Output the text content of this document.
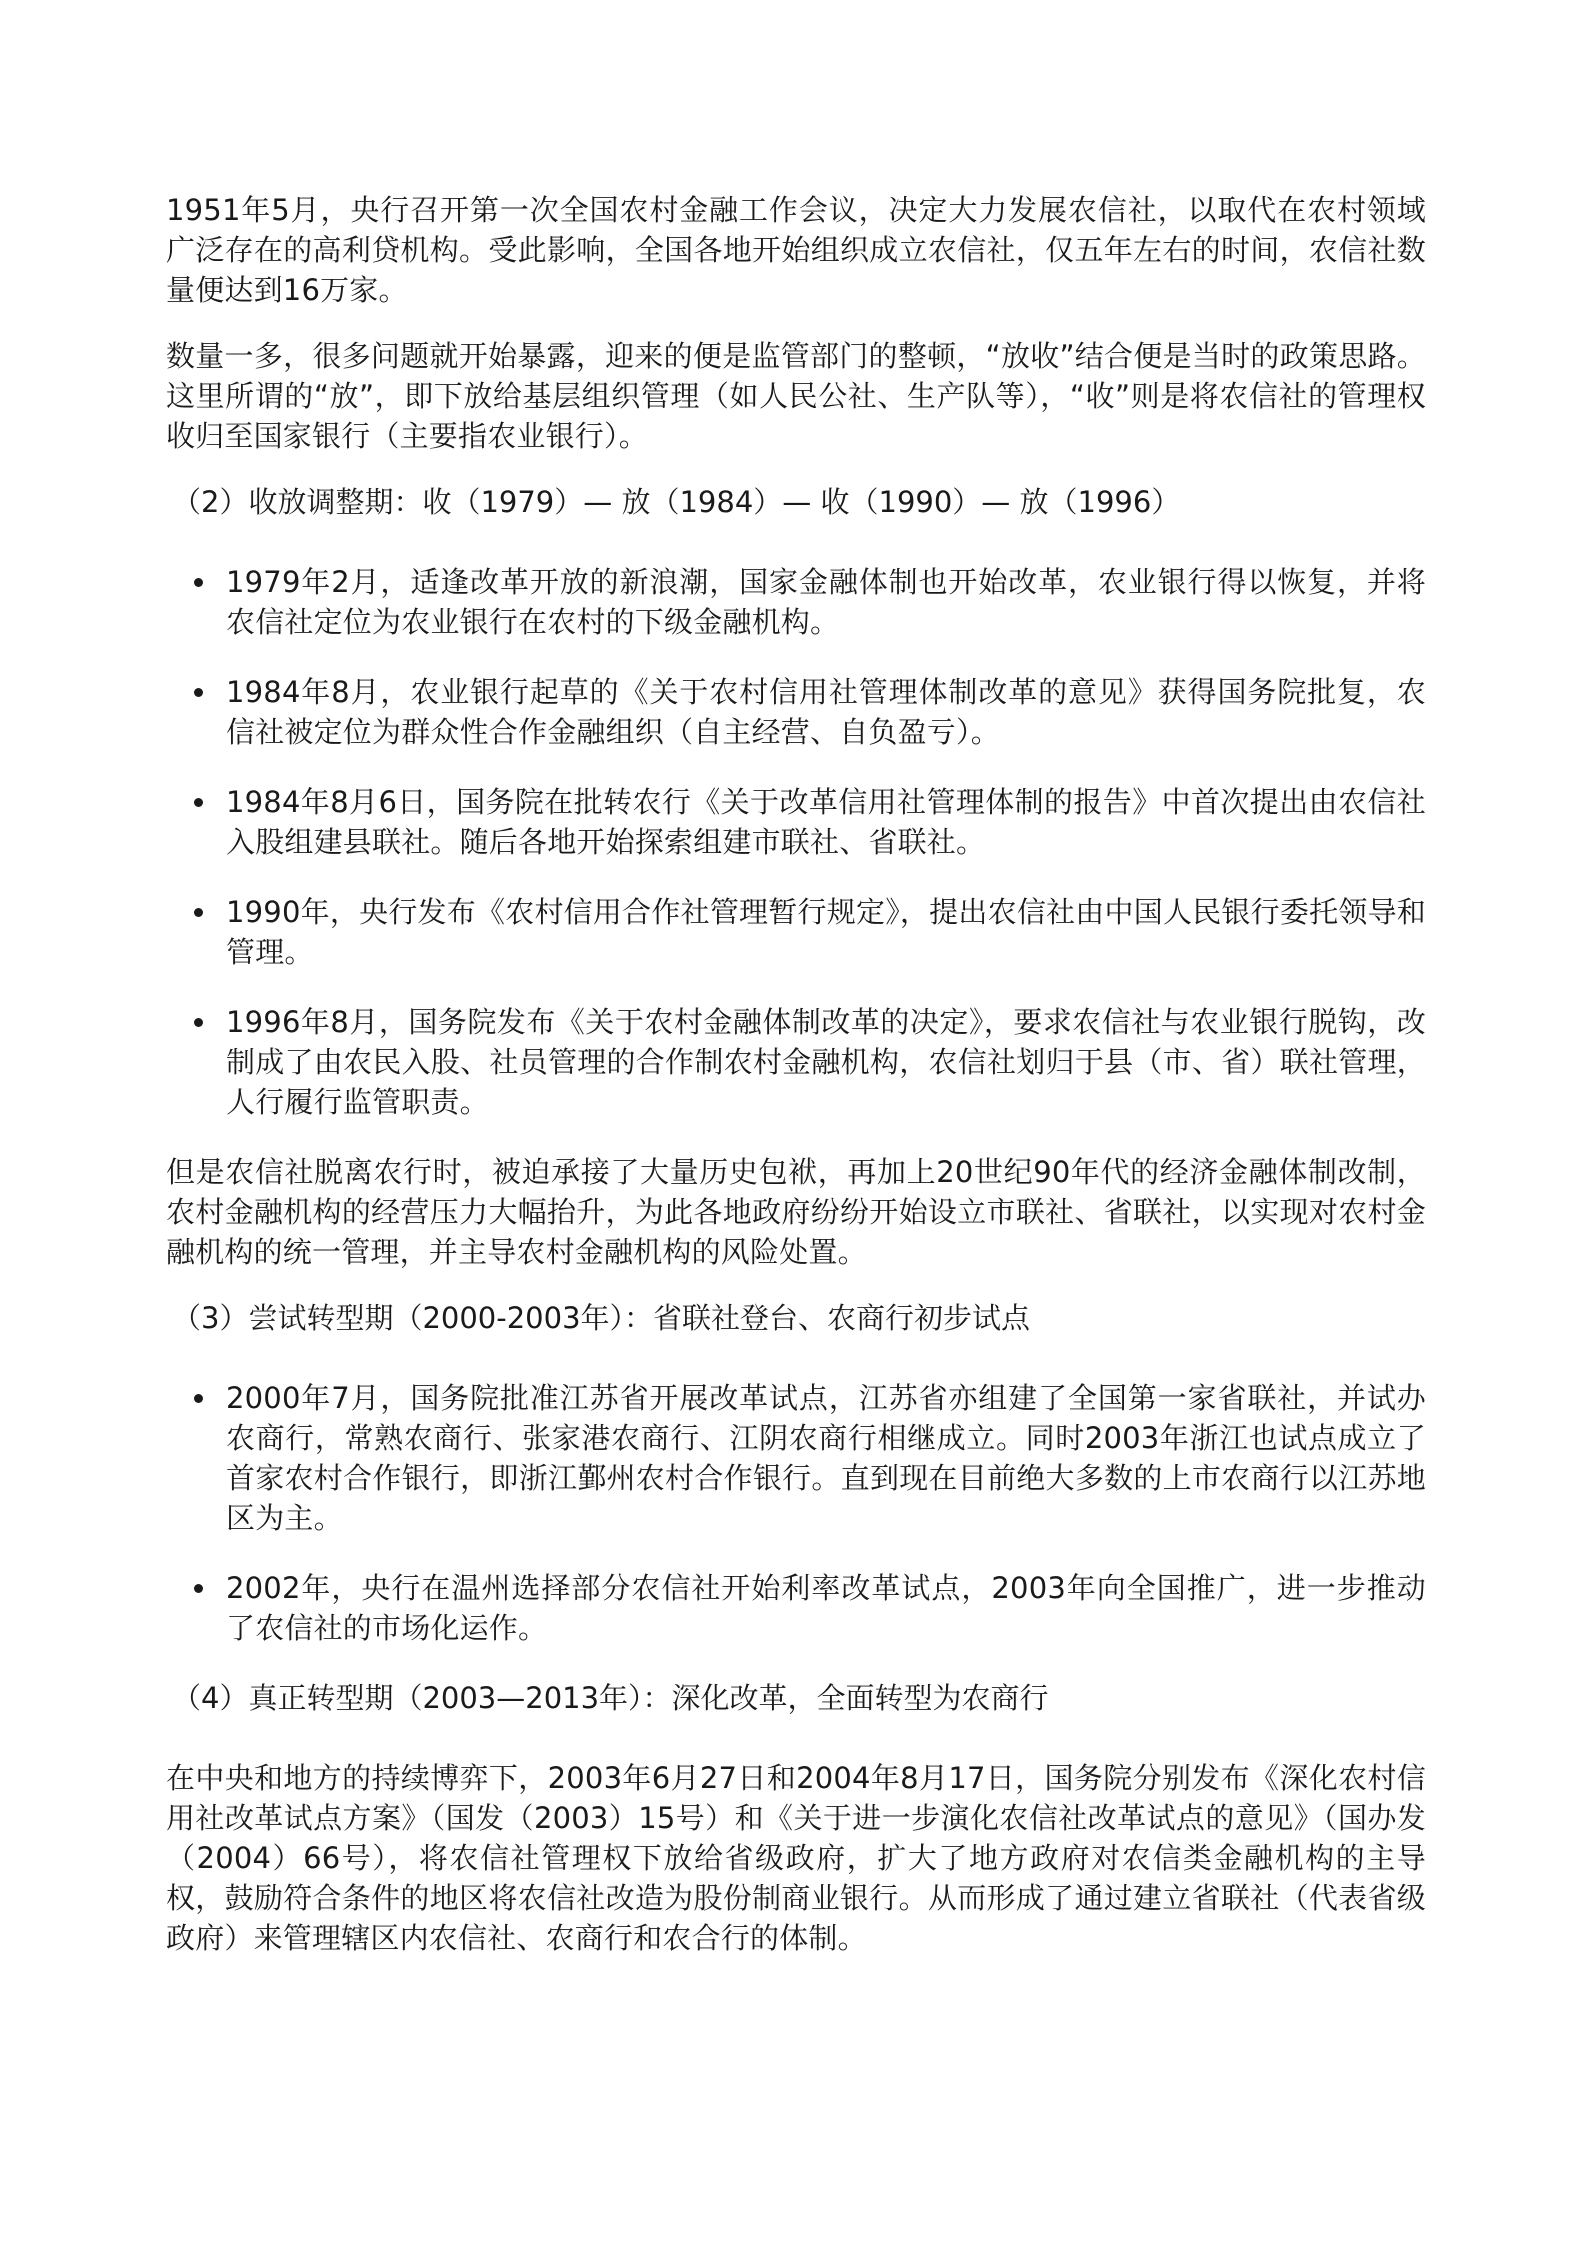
1951年5月，央行召开第一次全国农村金融工作会议，决定大力发展农信社，以取代在农村领域广泛存在的高利贷机构。受此影响，全国各地开始组织成立农信社，仅五年左右的时间，农信社数量便达到16万家。

数量一多，很多问题就开始暴露，迎来的便是监管部门的整顿，“放收”结合便是当时的政策思路。这里所谓的“放”，即下放给基层组织管理（如人民公社、生产队等），“收”则是将农信社的管理权收归至国家银行（主要指农业银行）。

（2）收放调整期：收（1979）— 放（1984）— 收（1990）— 放（1996）
1979年2月，适逢改革开放的新浪潮，国家金融体制也开始改革，农业银行得以恢复，并将农信社定位为农业银行在农村的下级金融机构。
1984年8月，农业银行起草的《关于农村信用社管理体制改革的意见》获得国务院批复，农信社被定位为群众性合作金融组织（自主经营、自负盈亏）。
1984年8月6日，国务院在批转农行《关于改革信用社管理体制的报告》中首次提出由农信社入股组建县联社。随后各地开始探索组建市联社、省联社。
1990年，央行发布《农村信用合作社管理暂行规定》，提出农信社由中国人民银行委托领导和管理。
1996年8月，国务院发布《关于农村金融体制改革的决定》，要求农信社与农业银行脱钩，改制成了由农民入股、社员管理的合作制农村金融机构，农信社划归于县（市、省）联社管理，人行履行监管职责。

但是农信社脱离农行时，被迫承接了大量历史包袱，再加上20世纪90年代的经济金融体制改制，农村金融机构的经营压力大幅抬升，为此各地政府纷纷开始设立市联社、省联社，以实现对农村金融机构的统一管理，并主导农村金融机构的风险处置。

（3）尝试转型期（2000-2003年）：省联社登台、农商行初步试点
2000年7月，国务院批准江苏省开展改革试点，江苏省亦组建了全国第一家省联社，并试办农商行，常熟农商行、张家港农商行、江阴农商行相继成立。同时2003年浙江也试点成立了首家农村合作银行，即浙江鄞州农村合作银行。直到现在目前绝大多数的上市农商行以江苏地区为主。
2002年，央行在温州选择部分农信社开始利率改革试点，2003年向全国推广，进一步推动了农信社的市场化运作。
（4）真正转型期（2003—2013年）：深化改革，全面转型为农商行

在中央和地方的持续博弈下，2003年6月27日和2004年8月17日，国务院分别发布《深化农村信用社改革试点方案》（国发（2003）15号）和《关于进一步演化农信社改革试点的意见》（国办发（2004）66号），将农信社管理权下放给省级政府，扩大了地方政府对农信类金融机构的主导权，鼓励符合条件的地区将农信社改造为股份制商业银行。从而形成了通过建立省联社（代表省级政府）来管理辖区内农信社、农商行和农合行的体制。
